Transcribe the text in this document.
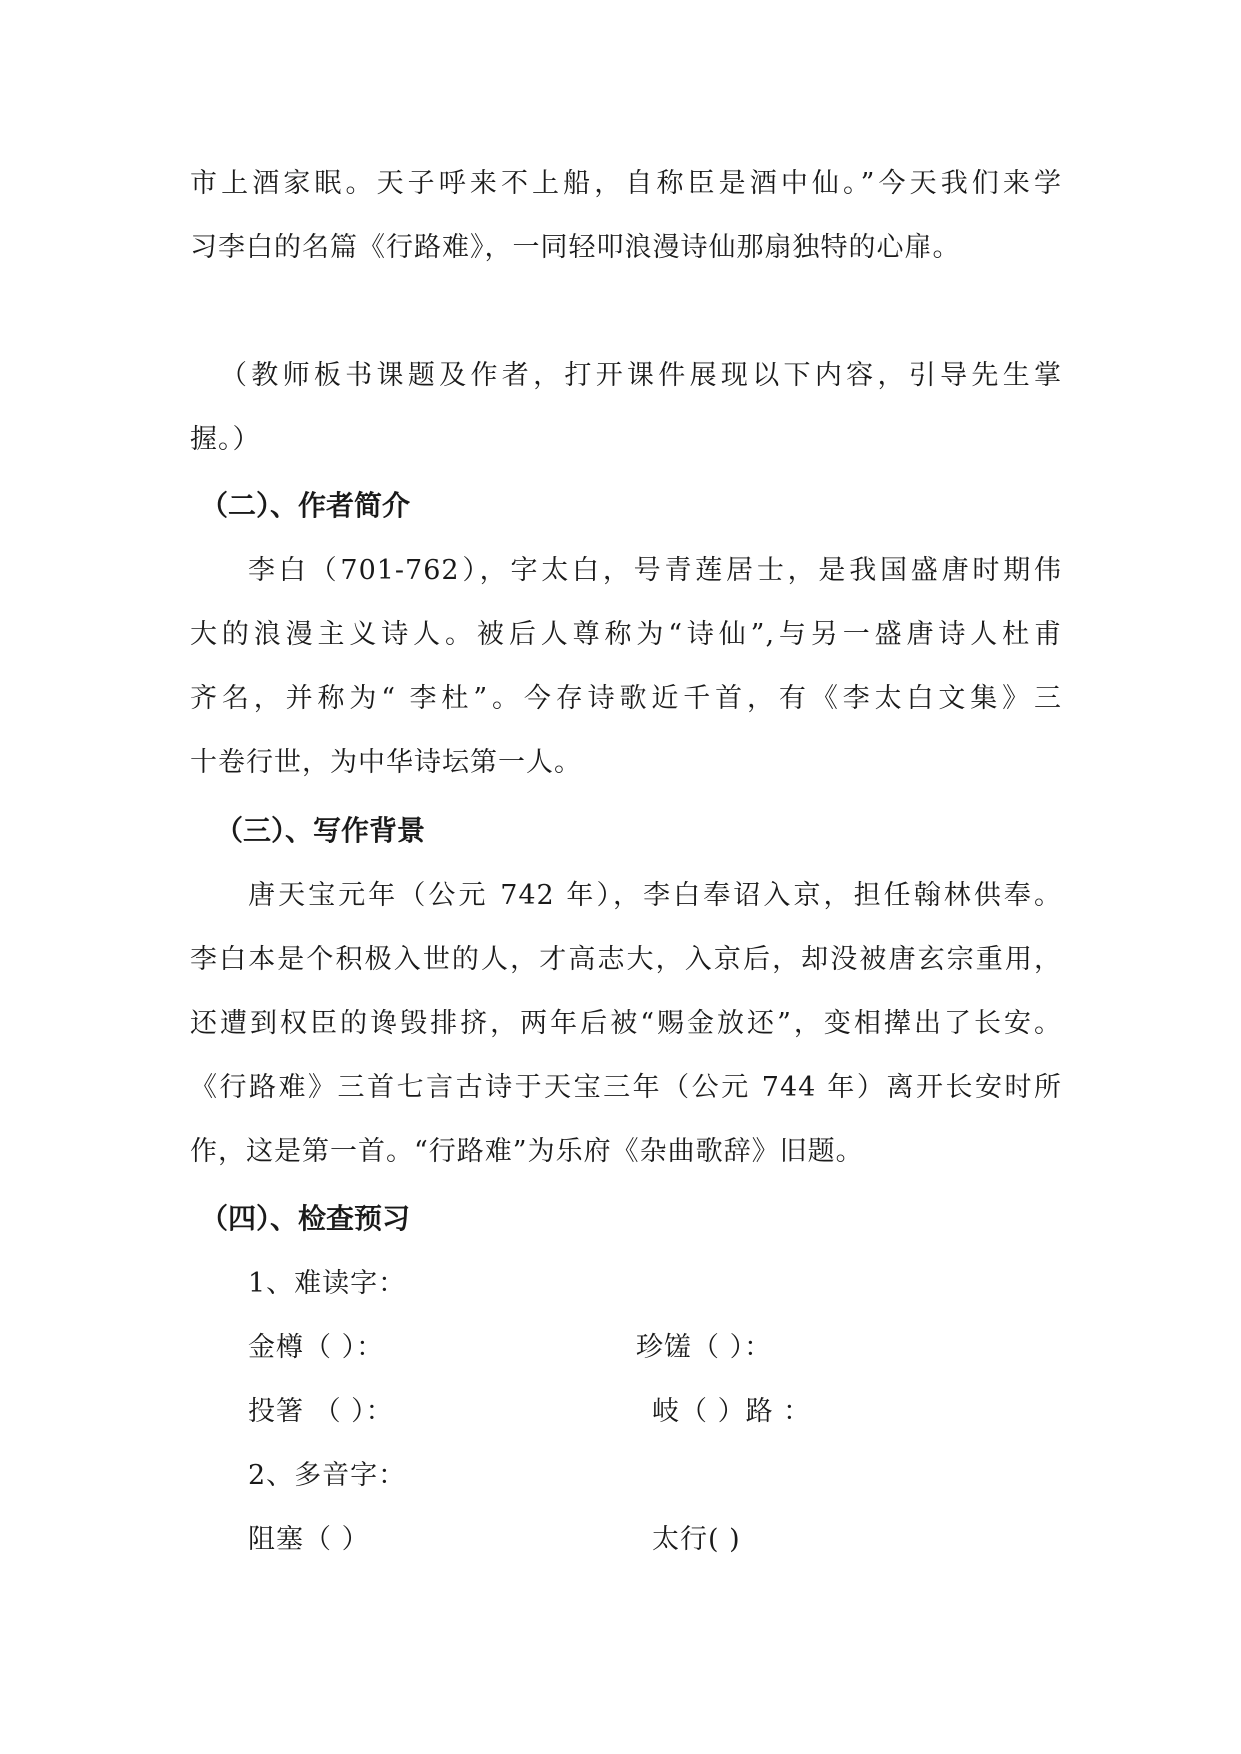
市上酒家眠。天子呼来不上船，自称臣是酒中仙。”今天我们来学
习李白的名篇《行路难》，一同轻叩浪漫诗仙那扇独特的心扉。
（教师板书课题及作者，打开课件展现以下内容，引导先生掌
握。）
（二）、作者简介
李白（701-762），字太白，号青莲居士，是我国盛唐时期伟
大的浪漫主义诗人。被后人尊称为“诗仙”,与另一盛唐诗人杜甫
齐名，并称为“ 李杜”。今存诗歌近千首，有《李太白文集》三
十卷行世，为中华诗坛第一人。
（三）、写作背景
唐天宝元年（公元 742 年），李白奉诏入京，担任翰林供奉。
李白本是个积极入世的人，才高志大，入京后，却没被唐玄宗重用，
还遭到权臣的谗毁排挤，两年后被“赐金放还”，变相撵出了长安。
《行路难》三首七言古诗于天宝三年（公元 744 年）离开长安时所
作，这是第一首。“行路难”为乐府《杂曲歌辞》旧题。
（四）、检查预习
1、难读字：
金樽（ ）：	珍馐（ ）：
投箸 （ ）：	岐（ ）路 ：
2、多音字：
阻塞（ ）	太行( )
